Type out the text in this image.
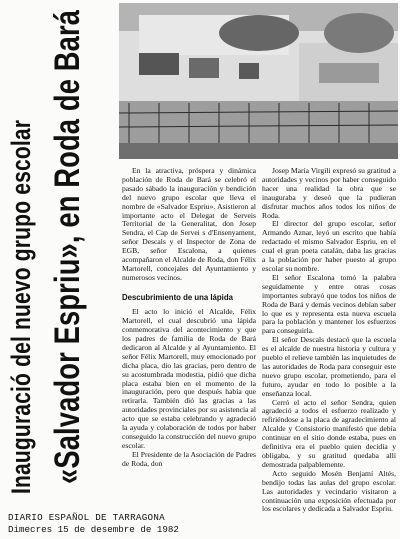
Inauguració del nuevo grupo escolar «Salvador Espriu», en Roda de Bará	En la atractiva, próspera y dinámica población de Roda de Bará se celebró el pasado sábado la inauguración y bendición del nuevo grupo escolar que lleva el nombre de «Salvador Espriu». Asistieron al importante acto el Delegat de Serveis Territorial de la Generalitat, don Josep Sendra, el Cap de Servei s d'Ensenyament, señor Descals y el Inspector de Zona de EGB, señor Escalona, a quienes acompañaron el Alcalde de Roda, don Félix Martorell, concejales del Ayuntamiento y numerosos vecinos.

Descubrimiento de una lápida

El acto lo inició el Alcalde, Félix Martorell, el cual descubrió una lápida conmemorativa del acontecimiento y que los padres de familia de Roda de Bará dedicaron al Alcalde y al Ayuntamiento. El señor Félix Martorell, muy emocionado por dicha placa, dio las gracias, pero dentro de su acostumbrada modestia, pidió que dicha placa estaba bien en el momento de la inauguración, pero que después había que retirarla. También dió las gracias a las autoridades provinciales por su asistencia al acto que se estaba celebrando y agradeció la ayuda y colaboración de todos por haber conseguido la construcción del nuevo grupo escolar.

El Presidente de la Asociación de Padres de Roda, don

Josep María Virgili expresó su gratitud a autoridades y vecinos por haber conseguido hacer una realidad la obra que se inauguraba y deseó que la pudieran disfrutar muchos años todos los niños de Roda.

El director del grupo escolar, señor Armando Aznar, leyó un escrito que había redactado el mismo Salvador Espriu, en el cual el gran poeta catalán, daba las gracias a la población por haber puesto al grupo escolar su nombre.

El señor Escalona tomó la palabra seguidamente y entre otras cosas importantes subrayó que todos los niños de Roda de Bará y demás vecinos debían saber lo que es y representa esta nueva escuela para la población y mantener los esfuerzos para conseguirla.

El señor Descals destacó que la escuela es el alcalde de nuestra historia y cultura y pueblo el relieve también las inquietudes de las autoridades de Roda para conseguir este nuevo grupo escolar, prometiendo, para el futuro, ayudar en todo lo posible a la enseñanza local.

Cerró el acto el señor Sendra, quien agradeció a todos el esfuerzo realizado y refiriéndose a la placa de agradecimiento al Alcalde y Consistorio manifestó que debía continuar en el sitio donde estaba, pues en definitiva era el pueblo quien decidía y obligaba, y su gratitud quedaba allí demostrada palpablemente.

Acto seguido Mosén Benjamí Altés, bendijo todas las aulas del grupo escolar. Las autoridades y vecindario visitaron a continuación una exposición efectuada por los escolares y dedicada a Salvador Espriu.

DIARIO ESPAÑOL DE TARRAGONA
Dimecres 15 de desembre de 1982
